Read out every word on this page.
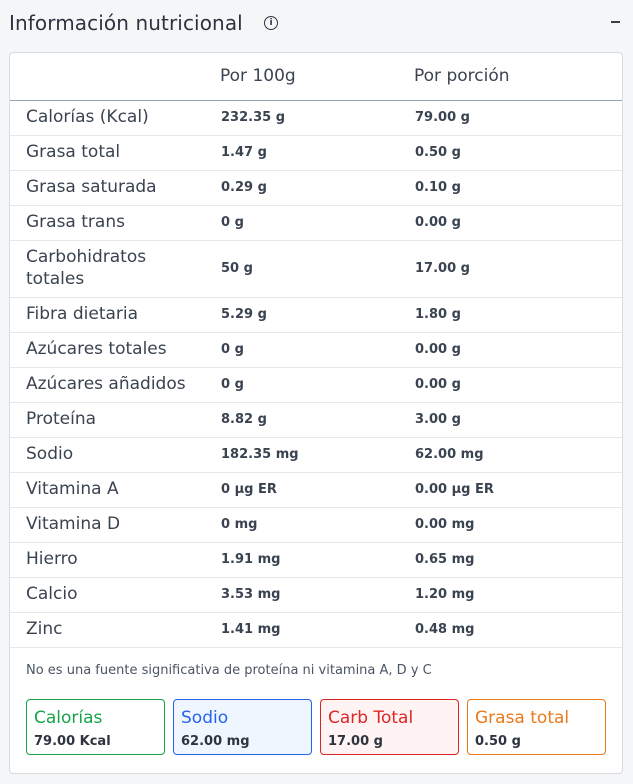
Información nutricional	i
Por 100g	Por porción
Calorías (Kcal)	232.35 g	79.00 g
Grasa total	1.47 g	0.50 g
Grasa saturada	0.29 g	0.10 g
Grasa trans	0 g	0.00 g
Carbohidratos
totales
50 g	17.00 g
Fibra dietaria	5.29 g	1.80 g
Azúcares totales	0 g	0.00 g
Azúcares añadidos	0 g	0.00 g
Proteína	8.82 g	3.00 g
Sodio	182.35 mg	62.00 mg
Vitamina A	0 µg ER	0.00 µg ER
Vitamina D	0 mg	0.00 mg
Hierro	1.91 mg	0.65 mg
Calcio	3.53 mg	1.20 mg
Zinc	1.41 mg	0.48 mg
No es una fuente significativa de proteína ni vitamina A, D y C
Calorías
79.00 Kcal
Sodio
62.00 mg
Carb Total
17.00 g
Grasa total
0.50 g
